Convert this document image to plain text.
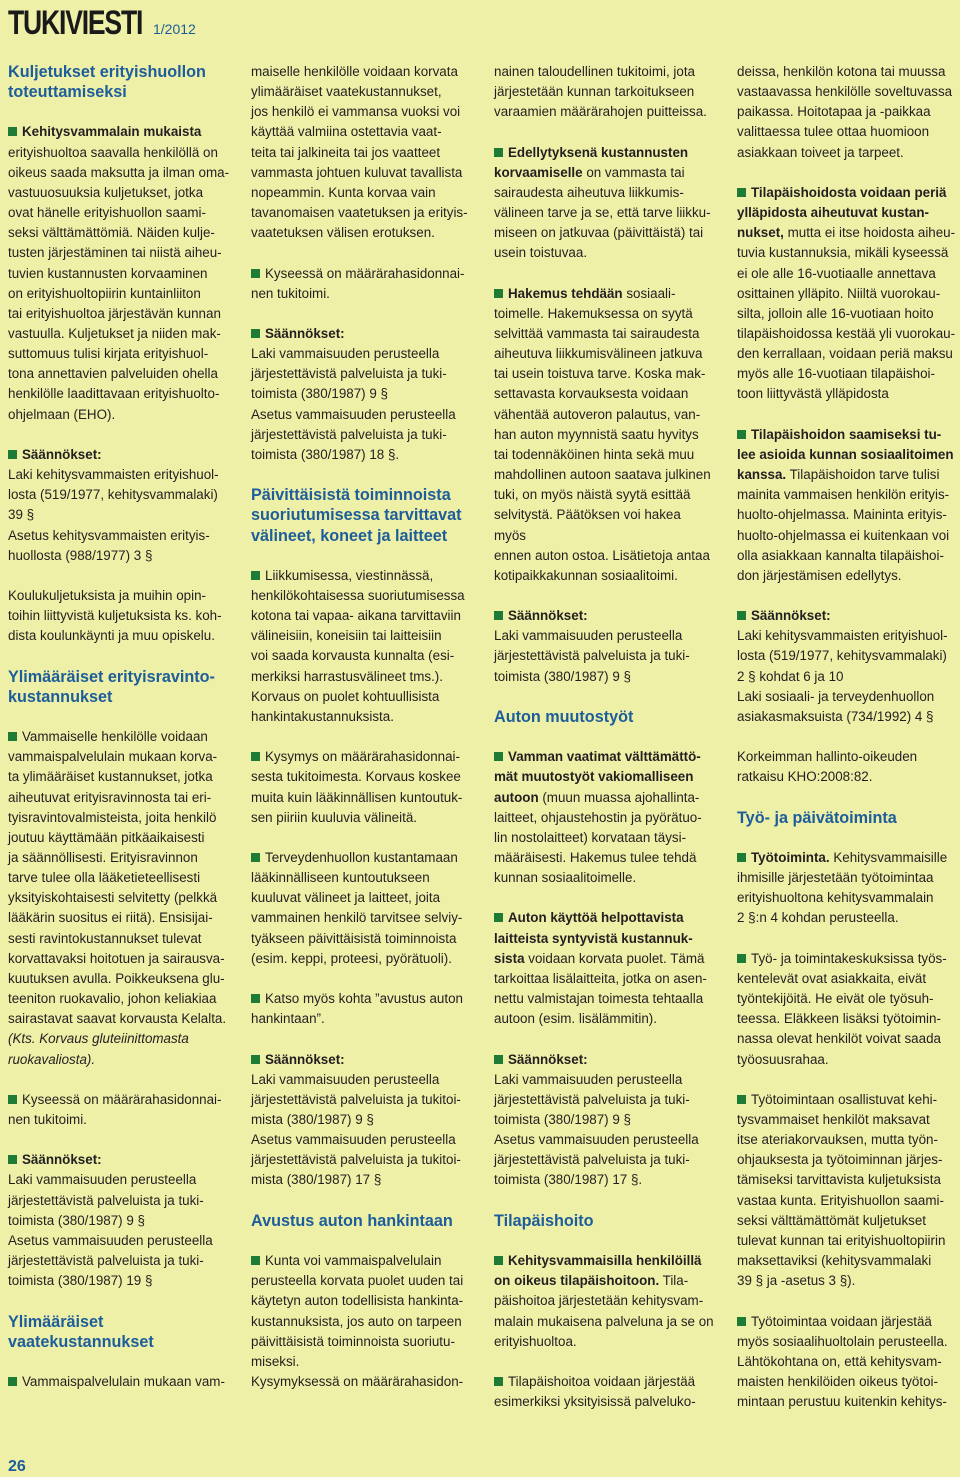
TUKIVIESTI 1/2012
Kuljetukset erityishuollon
toteuttamiseksi

Kehitysvammalain mukaista
erityishuoltoa saavalla henkilöllä on
oikeus saada maksutta ja ilman oma-
vastuuosuuksia kuljetukset, jotka
ovat hänelle erityishuollon saami-
seksi välttämättömiä. Näiden kulje-
tusten järjestäminen tai niistä aiheu-
tuvien kustannusten korvaaminen
on erityishuoltopiirin kuntainliiton
tai erityishuoltoa järjestävän kunnan
vastuulla. Kuljetukset ja niiden mak-
suttomuus tulisi kirjata erityishuol-
tona annettavien palveluiden ohella
henkilölle laadittavaan erityishuolto-
ohjelmaan (EHO).

Säännökset:
Laki kehitysvammaisten erityishuol-
losta (519/1977, kehitysvammalaki)
39 §
Asetus kehitysvammaisten erityis-
huollosta (988/1977) 3 §

Koulukuljetuksista ja muihin opin-
toihin liittyvistä kuljetuksista ks. koh-
dista koulunkäynti ja muu opiskelu.

Ylimääräiset erityisravinto-
kustannukset

Vammaiselle henkilölle voidaan
vammaispalvelulain mukaan korva-
ta ylimääräiset kustannukset, jotka
aiheutuvat erityisravinnosta tai eri-
tyisravintovalmisteista, joita henkilö
joutuu käyttämään pitkäaikaisesti
ja säännöllisesti. Erityisravinnon
tarve tulee olla lääketieteellisesti
yksityiskohtaisesti selvitetty (pelkkä
lääkärin suositus ei riitä). Ensisijai-
sesti ravintokustannukset tulevat
korvattavaksi hoitotuen ja sairausva-
kuutuksen avulla. Poikkeuksena glu-
teeniton ruokavalio, johon keliakiaa
sairastavat saavat korvausta Kelalta.
(Kts. Korvaus gluteiinittomasta
ruokavaliosta).

Kyseessä on määrärahasidonnai-
nen tukitoimi.

Säännökset:
Laki vammaisuuden perusteella
järjestettävistä palveluista ja tuki-
toimista (380/1987) 9 §
Asetus vammaisuuden perusteella
järjestettävistä palveluista ja tuki-
toimista (380/1987) 19 §

Ylimääräiset
vaatekustannukset

Vammaispalvelulain mukaan vam-

maiselle henkilölle voidaan korvata
ylimääräiset vaatekustannukset,
jos henkilö ei vammansa vuoksi voi
käyttää valmiina ostettavia vaat-
teita tai jalkineita tai jos vaatteet
vammasta johtuen kuluvat tavallista
nopeammin. Kunta korvaa vain
tavanomaisen vaatetuksen ja erityis-
vaatetuksen välisen erotuksen.

Kyseessä on määrärahasidonnai-
nen tukitoimi.

Säännökset:
Laki vammaisuuden perusteella
järjestettävistä palveluista ja tuki-
toimista (380/1987) 9 §
Asetus vammaisuuden perusteella
järjestettävistä palveluista ja tuki-
toimista (380/1987) 18 §.

Päivittäisistä toiminnoista
suoriutumisessa tarvittavat
välineet, koneet ja laitteet

Liikkumisessa, viestinnässä,
henkilökohtaisessa suoriutumisessa
kotona tai vapaa- aikana tarvittaviin
välineisiin, koneisiin tai laitteisiin
voi saada korvausta kunnalta (esi-
merkiksi harrastusvälineet tms.).
Korvaus on puolet kohtuullisista
hankintakustannuksista.

Kysymys on määrärahasidonnai-
sesta tukitoimesta. Korvaus koskee
muita kuin lääkinnällisen kuntoutuk-
sen piiriin kuuluvia välineitä.

Terveydenhuollon kustantamaan
lääkinnälliseen kuntoutukseen
kuuluvat välineet ja laitteet, joita
vammainen henkilö tarvitsee selviy-
tyäkseen päivittäisistä toiminnoista
(esim. keppi, proteesi, pyörätuoli).

Katso myös kohta ”avustus auton
hankintaan”.

Säännökset:
Laki vammaisuuden perusteella
järjestettävistä palveluista ja tukitoi-
mista (380/1987) 9 §
Asetus vammaisuuden perusteella
järjestettävistä palveluista ja tukitoi-
mista (380/1987) 17 §

Avustus auton hankintaan

Kunta voi vammaispalvelulain
perusteella korvata puolet uuden tai
käytetyn auton todellisista hankinta-
kustannuksista, jos auto on tarpeen
päivittäisistä toiminnoista suoriutu-
miseksi.
Kysymyksessä on määrärahasidon-

nainen taloudellinen tukitoimi, jota
järjestetään kunnan tarkoitukseen
varaamien määrärahojen puitteissa.

Edellytyksenä kustannusten
korvaamiselle on vammasta tai
sairaudesta aiheutuva liikkumis-
välineen tarve ja se, että tarve liikku-
miseen on jatkuvaa (päivittäistä) tai
usein toistuvaa.

Hakemus tehdään sosiaali-
toimelle. Hakemuksessa on syytä
selvittää vammasta tai sairaudesta
aiheutuva liikkumisvälineen jatkuva
tai usein toistuva tarve. Koska mak-
settavasta korvauksesta voidaan
vähentää autoveron palautus, van-
han auton myynnistä saatu hyvitys
tai todennäköinen hinta sekä muu
mahdollinen autoon saatava julkinen
tuki, on myös näistä syytä esittää
selvitystä. Päätöksen voi hakea myös
ennen auton ostoa. Lisätietoja antaa
kotipaikkakunnan sosiaalitoimi.

Säännökset:
Laki vammaisuuden perusteella
järjestettävistä palveluista ja tuki-
toimista (380/1987) 9 §

Auton muutostyöt

Vamman vaatimat välttämättö-
mät muutostyöt vakiomalliseen
autoon (muun muassa ajohallinta-
laitteet, ohjaustehostin ja pyörätuo-
lin nostolaitteet) korvataan täysi-
määräisesti. Hakemus tulee tehdä
kunnan sosiaalitoimelle.

Auton käyttöä helpottavista
laitteista syntyvistä kustannuk-
sista voidaan korvata puolet. Tämä
tarkoittaa lisälaitteita, jotka on asen-
nettu valmistajan toimesta tehtaalla
autoon (esim. lisälämmitin).

Säännökset:
Laki vammaisuuden perusteella
järjestettävistä palveluista ja tuki-
toimista (380/1987) 9 §
Asetus vammaisuuden perusteella
järjestettävistä palveluista ja tuki-
toimista (380/1987) 17 §.

Tilapäishoito

Kehitysvammaisilla henkilöillä
on oikeus tilapäishoitoon. Tila-
päishoitoa järjestetään kehitysvam-
malain mukaisena palveluna ja se on
erityishuoltoa.

Tilapäishoitoa voidaan järjestää
esimerkiksi yksityisissä palveluko-

deissa, henkilön kotona tai muussa
vastaavassa henkilölle soveltuvassa
paikassa. Hoitotapaa ja -paikkaa
valittaessa tulee ottaa huomioon
asiakkaan toiveet ja tarpeet.

Tilapäishoidosta voidaan periä
ylläpidosta aiheutuvat kustan-
nukset, mutta ei itse hoidosta aiheu-
tuvia kustannuksia, mikäli kyseessä
ei ole alle 16-vuotiaalle annettava
osittainen ylläpito. Niiltä vuorokau-
silta, jolloin alle 16-vuotiaan hoito
tilapäishoidossa kestää yli vuorokau-
den kerrallaan, voidaan periä maksu
myös alle 16-vuotiaan tilapäishoi-
toon liittyvästä ylläpidosta

Tilapäishoidon saamiseksi tu-
lee asioida kunnan sosiaalitoimen
kanssa. Tilapäishoidon tarve tulisi
mainita vammaisen henkilön erityis-
huolto-ohjelmassa. Maininta erityis-
huolto-ohjelmassa ei kuitenkaan voi
olla asiakkaan kannalta tilapäishoi-
don järjestämisen edellytys.

Säännökset:
Laki kehitysvammaisten erityishuol-
losta (519/1977, kehitysvammalaki)
2 § kohdat 6 ja 10
Laki sosiaali- ja terveydenhuollon
asiakasmaksuista (734/1992) 4 §

Korkeimman hallinto-oikeuden
ratkaisu KHO:2008:82.

Työ- ja päivätoiminta

Työtoiminta. Kehitysvammaisille
ihmisille järjestetään työtoimintaa
erityishuoltona kehitysvammalain
2 §:n 4 kohdan perusteella.

Työ- ja toimintakeskuksissa työs-
kentelevät ovat asiakkaita, eivät
työntekijöitä. He eivät ole työsuh-
teessa. Eläkkeen lisäksi työtoimin-
nassa olevat henkilöt voivat saada
työosuusrahaa.

Työtoimintaan osallistuvat kehi-
tysvammaiset henkilöt maksavat
itse ateriakorvauksen, mutta työn-
ohjauksesta ja työtoiminnan järjes-
tämiseksi tarvittavista kuljetuksista
vastaa kunta. Erityishuollon saami-
seksi välttämättömät kuljetukset
tulevat kunnan tai erityishuoltopiirin
maksettaviksi (kehitysvammalaki
39 § ja -asetus 3 §).

Työtoimintaa voidaan järjestää
myös sosiaalihuoltolain perusteella.
Lähtökohtana on, että kehitysvam-
maisten henkilöiden oikeus työtoi-
mintaan perustuu kuitenkin kehitys-

26
